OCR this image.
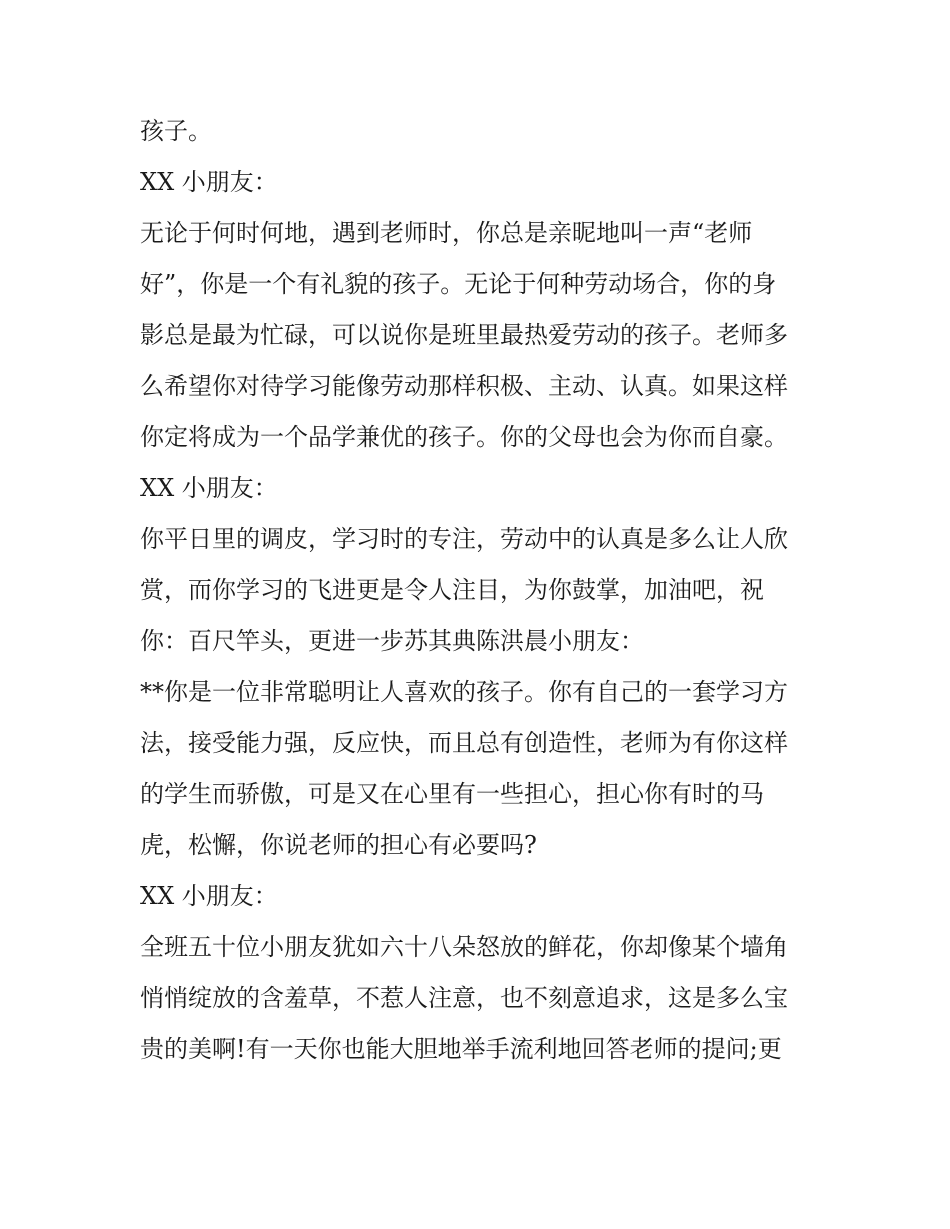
孩子。
XX 小朋友：
无论于何时何地，遇到老师时，你总是亲昵地叫一声“老师
好”，你是一个有礼貌的孩子。无论于何种劳动场合，你的身
影总是最为忙碌，可以说你是班里最热爱劳动的孩子。老师多
么希望你对待学习能像劳动那样积极、主动、认真。如果这样
你定将成为一个品学兼优的孩子。你的父母也会为你而自豪。
XX 小朋友：
你平日里的调皮，学习时的专注，劳动中的认真是多么让人欣
赏，而你学习的飞进更是令人注目，为你鼓掌，加油吧，祝
你：百尺竿头，更进一步苏其典陈洪晨小朋友：
**你是一位非常聪明让人喜欢的孩子。你有自己的一套学习方
法，接受能力强，反应快，而且总有创造性，老师为有你这样
的学生而骄傲，可是又在心里有一些担心，担心你有时的马
虎，松懈，你说老师的担心有必要吗?
XX 小朋友：
全班五十位小朋友犹如六十八朵怒放的鲜花，你却像某个墙角
悄悄绽放的含羞草，不惹人注意，也不刻意追求，这是多么宝
贵的美啊!有一天你也能大胆地举手流利地回答老师的提问;更
